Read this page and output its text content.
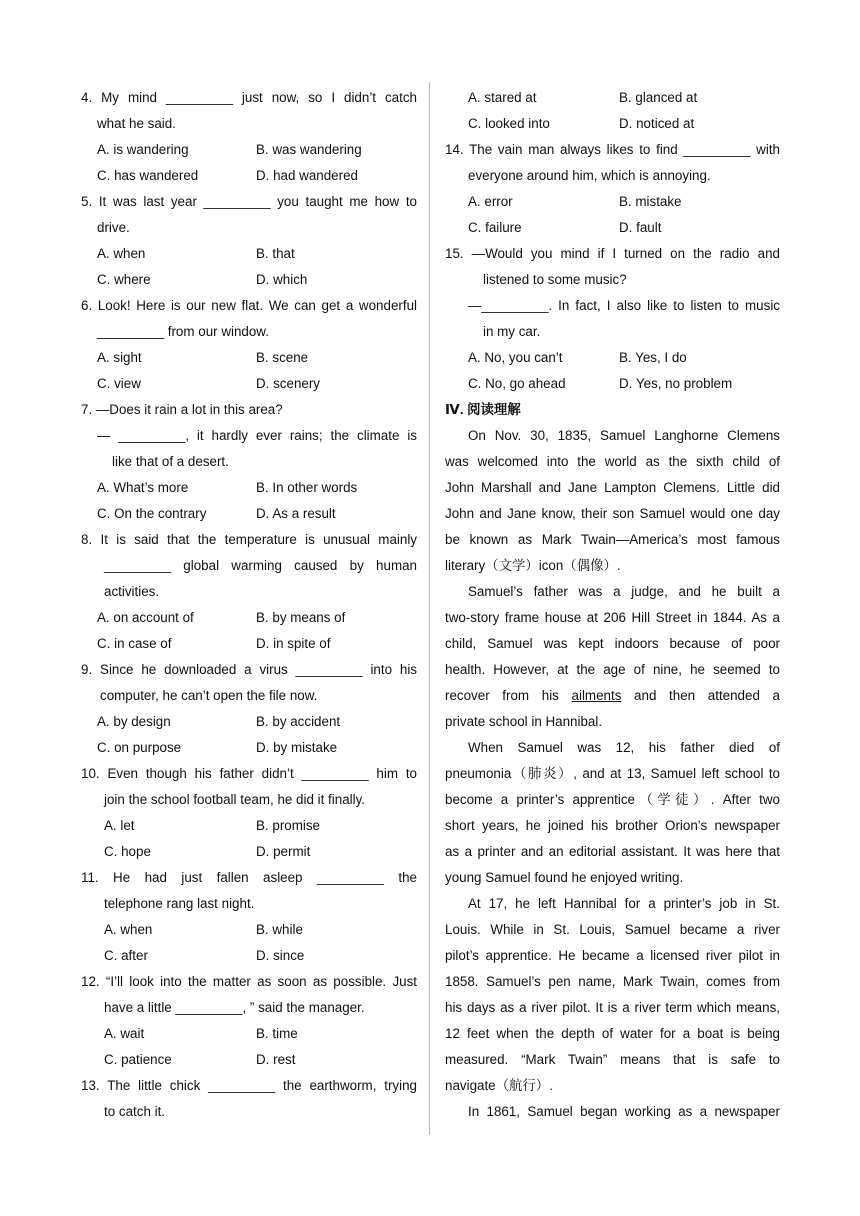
4. My mind _________ just now, so I didn’t catch
what he said.
A. is wandering	B. was wandering
C. has wandered	D. had wandered
5. It was last year _________ you taught me how to
drive.
A. when	B. that
C. where	D. which
6. Look! Here is our new flat. We can get a wonderful
_________ from our window.
A. sight	B. scene
C. view	D. scenery
7. —Does it rain a lot in this area?
— _________, it hardly ever rains; the climate is
like that of a desert.
A. What’s more	B. In other words
C. On the contrary	D. As a result
8. It is said that the temperature is unusual mainly
_________ global warming caused by human
activities.
A. on account of	B. by means of
C. in case of	D. in spite of
9. Since he downloaded a virus _________ into his
computer, he can’t open the file now.
A. by design	B. by accident
C. on purpose	D. by mistake
10. Even though his father didn’t _________ him to
join the school football team, he did it finally.
A. let	B. promise
C. hope	D. permit
11. He had just fallen asleep _________ the
telephone rang last night.
A. when	B. while
C. after	D. since
12. “I’ll look into the matter as soon as possible. Just
have a little _________, ” said the manager.
A. wait	B. time
C. patience	D. rest
13. The little chick _________ the earthworm, trying
to catch it.
A. stared at	B. glanced at
C. looked into	D. noticed at
14. The vain man always likes to find _________ with
everyone around him, which is annoying.
A. error	B. mistake
C. failure	D. fault
15. —Would you mind if I turned on the radio and
listened to some music?
—_________. In fact, I also like to listen to music
in my car.
A. No, you can’t	B. Yes, I do
C. No, go ahead	D. Yes, no problem
Ⅳ. 阅读理解
On Nov. 30, 1835, Samuel Langhorne Clemens
was welcomed into the world as the sixth child of
John Marshall and Jane Lampton Clemens. Little did
John and Jane know, their son Samuel would one day
be known as Mark Twain—America’s most famous
literary（文学）icon（偶像）.
Samuel’s father was a judge, and he built a
two-story frame house at 206 Hill Street in 1844. As a
child, Samuel was kept indoors because of poor
health. However, at the age of nine, he seemed to
recover from his ailments and then attended a
private school in Hannibal.
When Samuel was 12, his father died of
pneumonia（肺炎）, and at 13, Samuel left school to
become a printer’s apprentice（学徒）. After two
short years, he joined his brother Orion’s newspaper
as a printer and an editorial assistant. It was here that
young Samuel found he enjoyed writing.
At 17, he left Hannibal for a printer’s job in St.
Louis. While in St. Louis, Samuel became a river
pilot’s apprentice. He became a licensed river pilot in
1858. Samuel’s pen name, Mark Twain, comes from
his days as a river pilot. It is a river term which means,
12 feet when the depth of water for a boat is being
measured. “Mark Twain” means that is safe to
navigate（航行）.
In 1861, Samuel began working as a newspaper
